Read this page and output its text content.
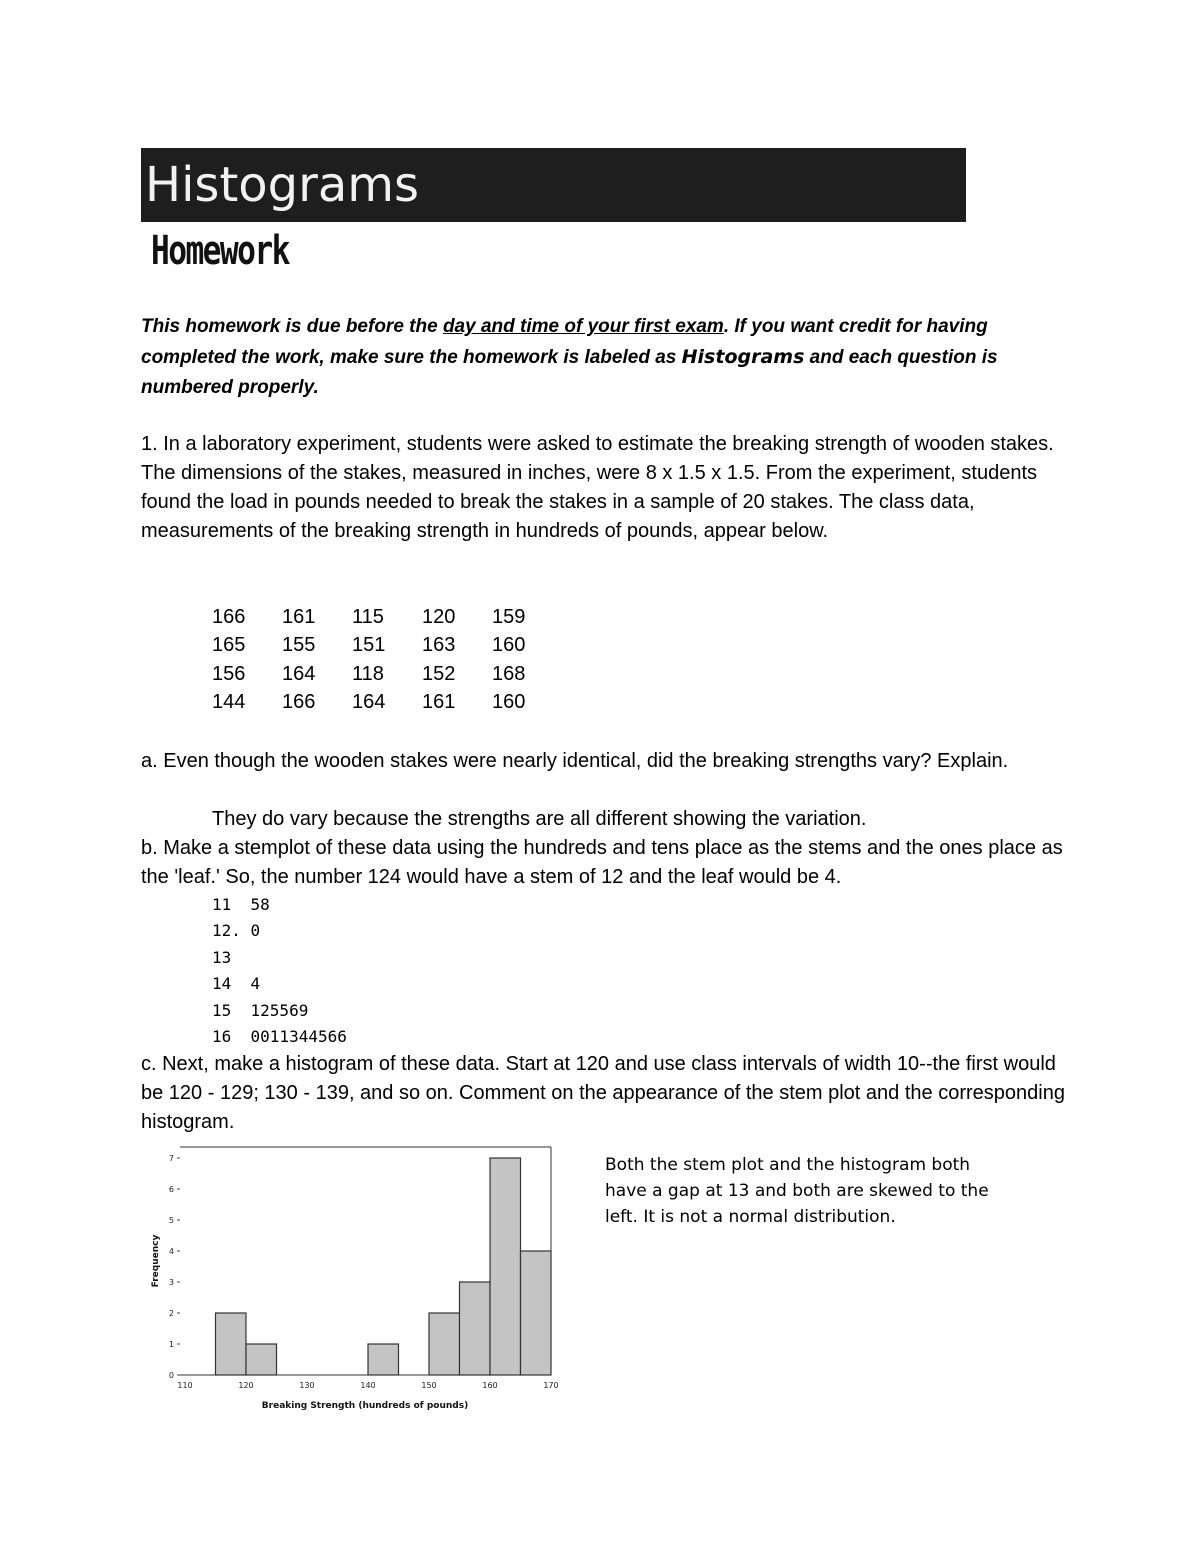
Histograms
Homework
This homework is due before the day and time of your first exam. If you want credit for having completed the work, make sure the homework is labeled as Histograms and each question is numbered properly.
1. In a laboratory experiment, students were asked to estimate the breaking strength of wooden stakes. The dimensions of the stakes, measured in inches, were 8 x 1.5 x 1.5. From the experiment, students found the load in pounds needed to break the stakes in a sample of 20 stakes. The class data, measurements of the breaking strength in hundreds of pounds, appear below.
166	161	115	120	159
165	155	151	163	160
156	164	118	152	168
144	166	164	161	160
a. Even though the wooden stakes were nearly identical, did the breaking strengths vary? Explain.
They do vary because the strengths are all different showing the variation.
b. Make a stemplot of these data using the hundreds and tens place as the stems and the ones place as the 'leaf.' So, the number 124 would have a stem of 12 and the leaf would be 4.
11 58
12. 0
13
14 4
15 125569
16 0011344566
c. Next, make a histogram of these data. Start at 120 and use class intervals of width 10--the first would be 120 - 129; 130 - 139, and so on. Comment on the appearance of the stem plot and the corresponding histogram.
0
1
2
3
4
5
6
7
110	120	130	140	150	160	170
Breaking Strength (hundreds of pounds)
Frequency
Both the stem plot and the histogram both have a gap at 13 and both are skewed to the left. It is not a normal distribution.
